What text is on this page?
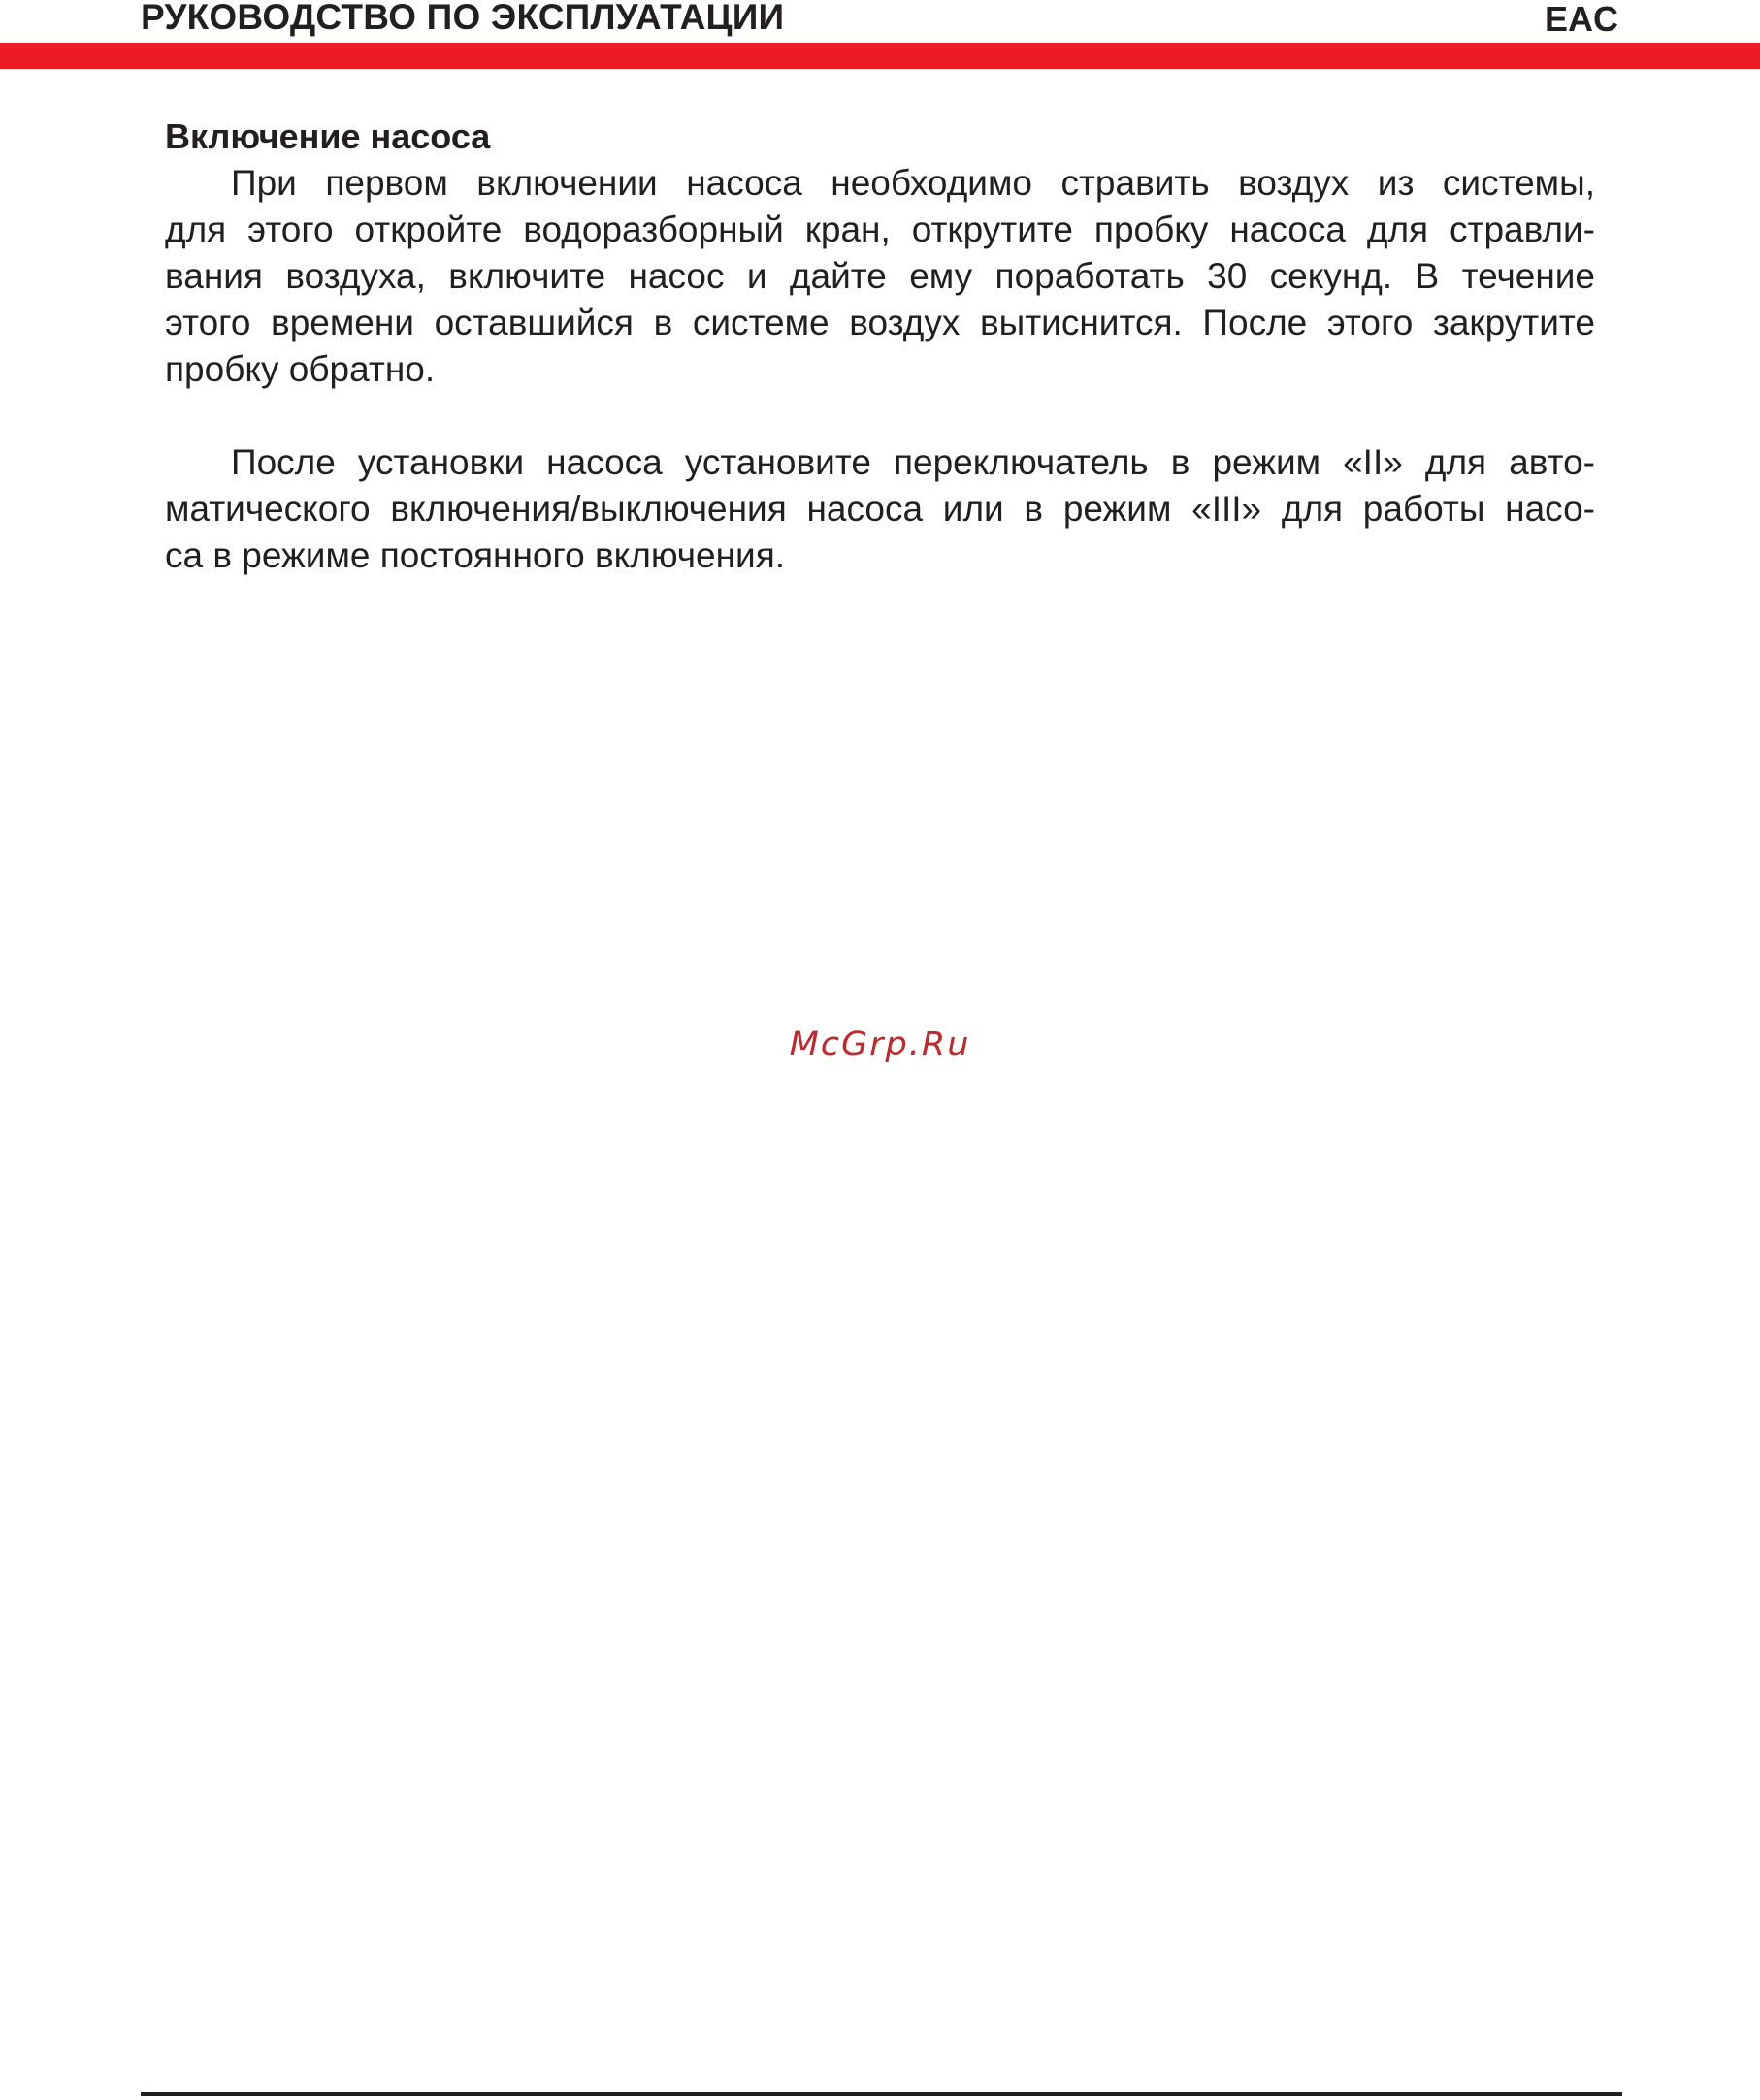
РУКОВОДСТВО ПО ЭКСПЛУАТАЦИИ	EAC

Включение насоса

При первом включении насоса необходимо стравить воздух из системы,
для этого откройте водоразборный кран, открутите пробку насоса для стравли-
вания воздуха, включите насос и дайте ему поработать 30 секунд. В течение
этого времени оставшийся в системе воздух вытиснится. После этого закрутите
пробку обратно.

После установки насоса установите переключатель в режим «II» для авто-
матического включения/выключения насоса или в режим «III» для работы насо-
са в режиме постоянного включения.

McGrp.Ru
